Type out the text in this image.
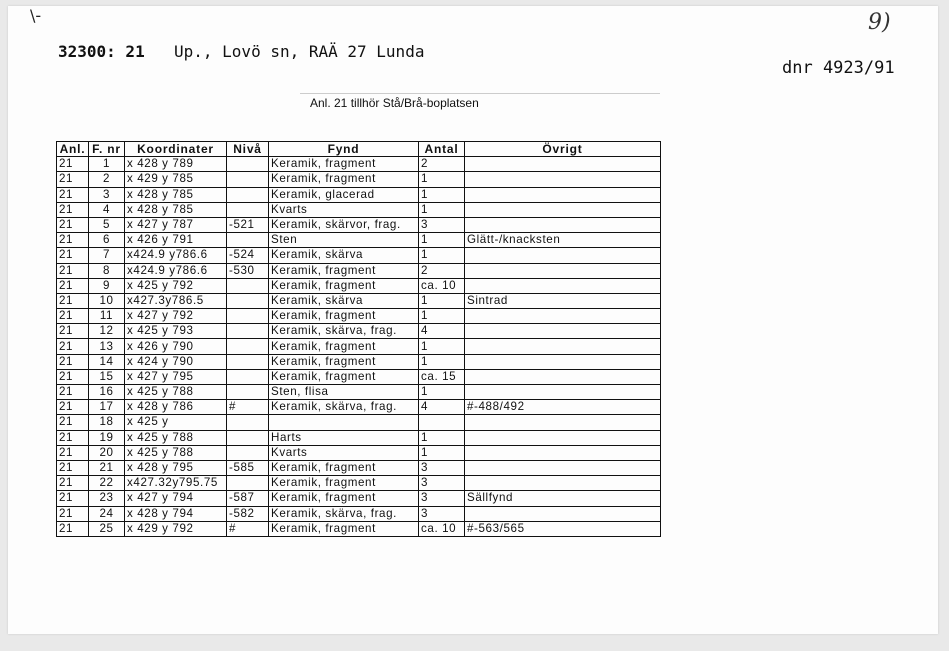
\-	9)
32300: 21 Up., Lovö sn, RAÄ 27 Lunda
dnr 4923/91
Anl. 21 tillhör Stå/Brå-boplatsen
Anl.	F. nr	Koordinater	Nivå	Fynd	Antal	Övrigt
21	1	x 428 y 789		Keramik, fragment	2	
21	2	x 429 y 785		Keramik, fragment	1	
21	3	x 428 y 785		Keramik, glacerad	1	
21	4	x 428 y 785		Kvarts	1	
21	5	x 427 y 787	-521	Keramik, skärvor, frag.	3	
21	6	x 426 y 791		Sten	1	Glätt-/knacksten
21	7	x424.9 y786.6	-524	Keramik, skärva	1	
21	8	x424.9 y786.6	-530	Keramik, fragment	2	
21	9	x 425 y 792		Keramik, fragment	ca. 10	
21	10	x427.3y786.5		Keramik, skärva	1	Sintrad
21	11	x 427 y 792		Keramik, fragment	1	
21	12	x 425 y 793		Keramik, skärva, frag.	4	
21	13	x 426 y 790		Keramik, fragment	1	
21	14	x 424 y 790		Keramik, fragment	1	
21	15	x 427 y 795		Keramik, fragment	ca. 15	
21	16	x 425 y 788		Sten, flisa	1	
21	17	x 428 y 786	#	Keramik, skärva, frag.	4	#-488/492
21	18	x 425 y				
21	19	x 425 y 788		Harts	1	
21	20	x 425 y 788		Kvarts	1	
21	21	x 428 y 795	-585	Keramik, fragment	3	
21	22	x427.32y795.75		Keramik, fragment	3	
21	23	x 427 y 794	-587	Keramik, fragment	3	Sällfynd
21	24	x 428 y 794	-582	Keramik, skärva, frag.	3	
21	25	x 429 y 792	#	Keramik, fragment	ca. 10	#-563/565
